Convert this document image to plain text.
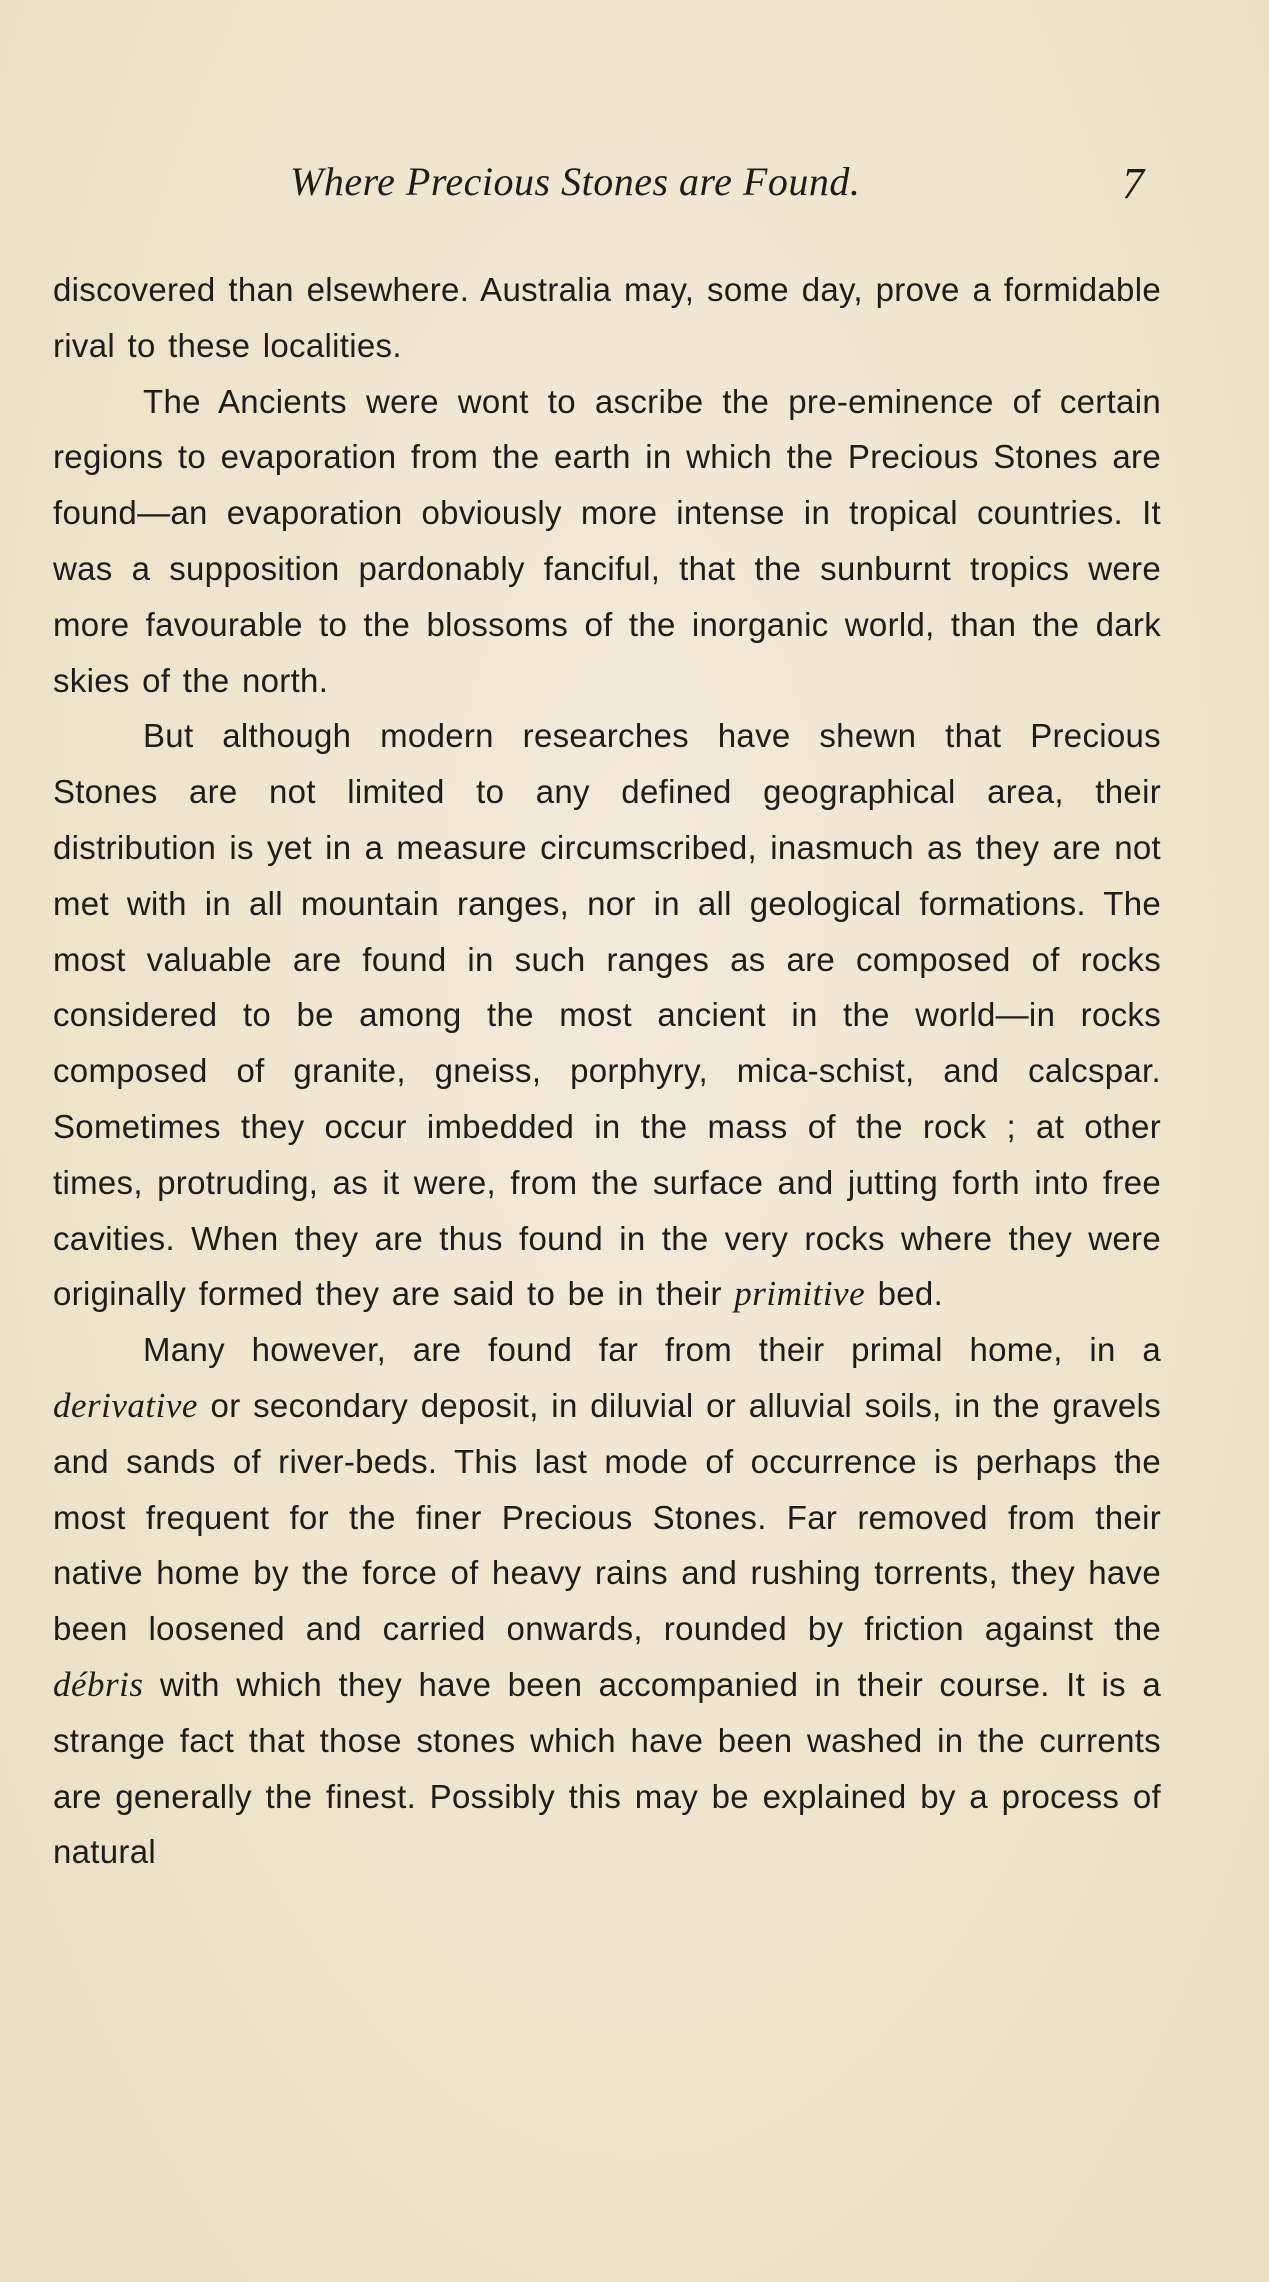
Where Precious Stones are Found.	7

discovered than elsewhere. Australia may, some day, prove a formidable rival to these localities.

The Ancients were wont to ascribe the pre-eminence of certain regions to evaporation from the earth in which the Precious Stones are found—an evaporation obviously more intense in tropical countries. It was a supposition pardonably fanciful, that the sunburnt tropics were more favourable to the blossoms of the inorganic world, than the dark skies of the north.

But although modern researches have shewn that Precious Stones are not limited to any defined geographical area, their distribution is yet in a measure circumscribed, inasmuch as they are not met with in all mountain ranges, nor in all geological formations. The most valuable are found in such ranges as are composed of rocks considered to be among the most ancient in the world—in rocks composed of granite, gneiss, porphyry, mica-schist, and calcspar. Sometimes they occur imbedded in the mass of the rock ; at other times, protruding, as it were, from the surface and jutting forth into free cavities. When they are thus found in the very rocks where they were originally formed they are said to be in their primitive bed.

Many however, are found far from their primal home, in a derivative or secondary deposit, in diluvial or alluvial soils, in the gravels and sands of river-beds. This last mode of occurrence is perhaps the most frequent for the finer Precious Stones. Far removed from their native home by the force of heavy rains and rushing torrents, they have been loosened and carried onwards, rounded by friction against the débris with which they have been accompanied in their course. It is a strange fact that those stones which have been washed in the currents are generally the finest. Possibly this may be explained by a process of natural
